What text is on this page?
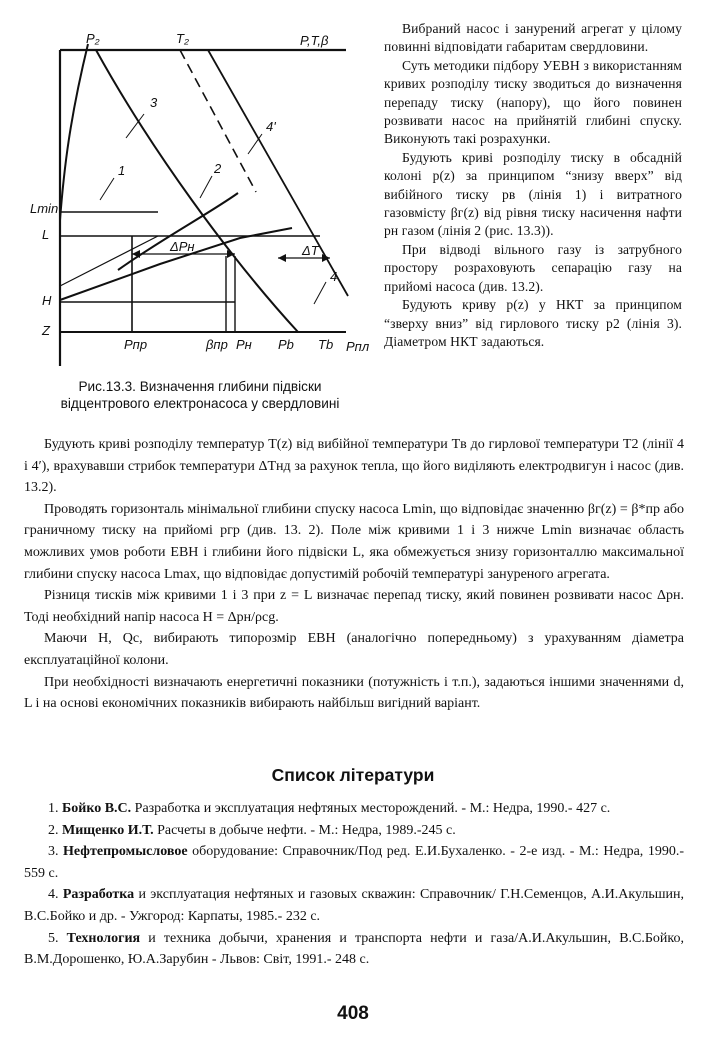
P₂	T₂	P,T,β
Lmin
L
H
Z
3
1	2
4'
4
ΔPн	ΔT
Pпр	βпр Pн Pb Tb Pпл
Рис.13.3. Визначення глибини підвіски
відцентрового електронасоса у свердловині

Вибраний насос і занурений агрегат у цілому повинні відповідати габаритам свердловини.

Суть методики підбору УЕВН з використанням кривих розподілу тиску зводиться до визначення перепаду тиску (напору), що його повинен розвивати насос на прийнятій глибині спуску. Виконують такі розрахунки.

Будують криві розподілу тиску в обсадній колоні p(z) за принципом “знизу вверх” від вибійного тиску pв (лінія 1) і витратного газовмісту βг(z) від рівня тиску насичення нафти pн газом (лінія 2 (рис. 13.3)).

При відводі вільного газу із затрубного простору розраховують сепарацію газу на прийомі насоса (див. 13.2).

Будують криву p(z) у НКТ за принципом “зверху вниз” від гирлового тиску p2 (лінія 3). Діаметром НКТ задаються.

Будують криві розподілу температур T(z) від вибійної температури Tв до гирлової температури T2 (лінії 4 і 4′), врахувавши стрибок температури ΔTнд за рахунок тепла, що його виділяють електродвигун і насос (див. 13.2).

Проводять горизонталь мінімальної глибини спуску насоса Lmin, що відповідає значенню βг(z) = β*пр або граничному тиску на прийомі pгр (див. 13. 2). Поле між кривими 1 і 3 нижче Lmin визначає область можливих умов роботи ЕВН і глибини його підвіски L, яка обмежується знизу горизонталлю максимальної глибини спуску насоса Lmax, що відповідає допустимій робочій температурі зануреного агрегата.

Різниця тисків між кривими 1 і 3 при z = L визначає перепад тиску, який повинен розвивати насос Δpн. Тоді необхідний напір насоса H = Δpн/ρсg.

Маючи H, Qс, вибирають типорозмір ЕВН (аналогічно попередньому) з урахуванням діаметра експлуатаційної колони.

При необхідності визначають енергетичні показники (потужність і т.п.), задаються іншими значеннями d, L і на основі економічних показників вибирають найбільш вигідний варіант.

Список літератури

1. Бойко В.С. Разработка и эксплуатация нефтяных месторождений. - М.: Недра, 1990.- 427 с.

2. Мищенко И.Т. Расчеты в добыче нефти. - М.: Недра, 1989.-245 с.

3. Нефтепромысловое оборудование: Справочник/Под ред. Е.И.Бухаленко. - 2-е изд. - М.: Недра, 1990.- 559 с.

4. Разработка и эксплуатация нефтяных и газовых скважин: Справочник/ Г.Н.Семенцов, А.И.Акульшин, В.С.Бойко и др. - Ужгород: Карпаты, 1985.- 232 с.

5. Технология и техника добычи, хранения и транспорта нефти и газа/А.И.Акульшин, В.С.Бойко, В.М.Дорошенко, Ю.А.Зарубин - Львов: Світ, 1991.- 248 с.

408
